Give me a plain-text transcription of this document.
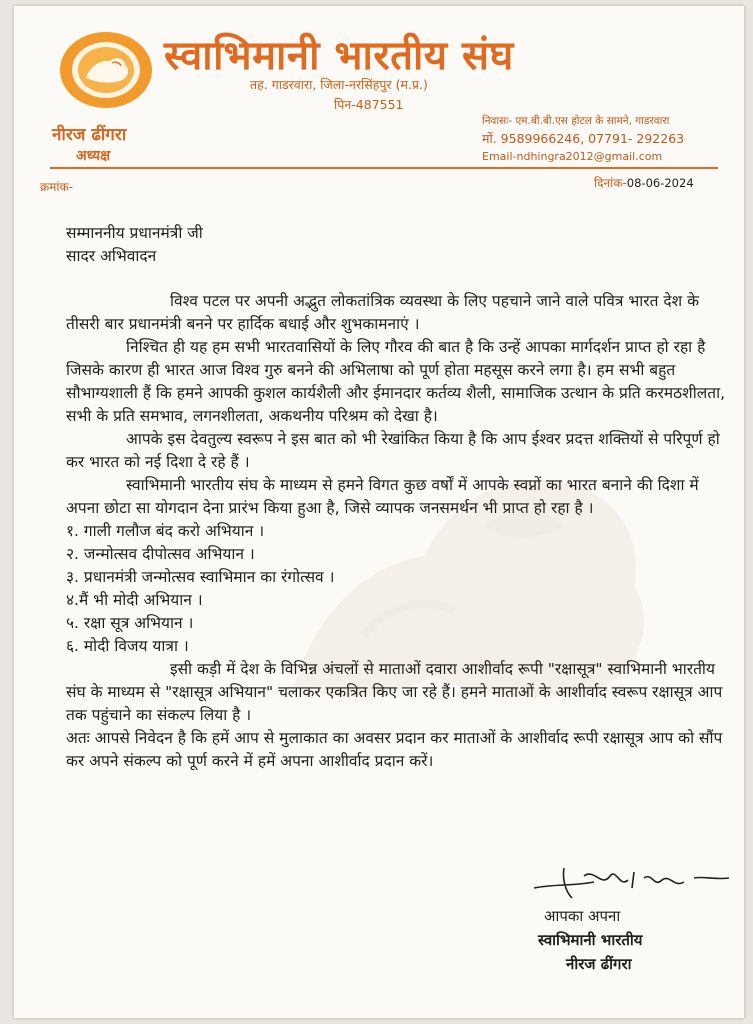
स्वाभिमानी भारतीय संघ
तह. गाडरवारा, जिला-नरसिंहपुर (म.प्र.)
पिन-487551
नीरज ढींगरा
अध्यक्ष
निवासः- एम.बी.बी.एस होटल के सामने, गाडरवारा
मों. 9589966246, 07791- 292263
Email-ndhingra2012@gmail.com
क्रमांक-	दिनांक-08-06-2024

सम्माननीय प्रधानमंत्री जी

सादर अभिवादन

विश्व पटल पर अपनी अद्भुत लोकतांत्रिक व्यवस्था के लिए पहचाने जाने वाले पवित्र भारत देश के तीसरी बार प्रधानमंत्री बनने पर हार्दिक बधाई और शुभकामनाएं ।

निश्चित ही यह हम सभी भारतवासियों के लिए गौरव की बात है कि उन्हें आपका मार्गदर्शन प्राप्त हो रहा है जिसके कारण ही भारत आज विश्व गुरु बनने की अभिलाषा को पूर्ण होता महसूस करने लगा है। हम सभी बहुत सौभाग्यशाली हैं कि हमने आपकी कुशल कार्यशैली और ईमानदार कर्तव्य शैली, सामाजिक उत्थान के प्रति करमठशीलता, सभी के प्रति समभाव, लगनशीलता, अकथनीय परिश्रम को देखा है।

आपके इस देवतुल्य स्वरूप ने इस बात को भी रेखांकित किया है कि आप ईश्वर प्रदत्त शक्तियों से परिपूर्ण हो कर भारत को नई दिशा दे रहे हैं ।

स्वाभिमानी भारतीय संघ के माध्यम से हमने विगत कुछ वर्षों में आपके स्वप्नों का भारत बनाने की दिशा में अपना छोटा सा योगदान देना प्रारंभ किया हुआ है, जिसे व्यापक जनसमर्थन भी प्राप्त हो रहा है ।

१. गाली गलौज बंद करो अभियान ।

२. जन्मोत्सव दीपोत्सव अभियान ।

३. प्रधानमंत्री जन्मोत्सव स्वाभिमान का रंगोत्सव ।

४.मैं भी मोदी अभियान ।

५. रक्षा सूत्र अभियान ।

६. मोदी विजय यात्रा ।

इसी कड़ी में देश के विभिन्न अंचलों से माताओं दवारा आशीर्वाद रूपी "रक्षासूत्र" स्वाभिमानी भारतीय संघ के माध्यम से "रक्षासूत्र अभियान" चलाकर एकत्रित किए जा रहे हैं। हमने माताओं के आशीर्वाद स्वरूप रक्षासूत्र आप तक पहुंचाने का संकल्प लिया है ।

अतः आपसे निवेदन है कि हमें आप से मुलाकात का अवसर प्रदान कर माताओं के आशीर्वाद रूपी रक्षासूत्र आप को सौंप कर अपने संकल्प को पूर्ण करने में हमें अपना आशीर्वाद प्रदान करें।

आपका अपना
स्वाभिमानी भारतीय
नीरज ढींगरा
